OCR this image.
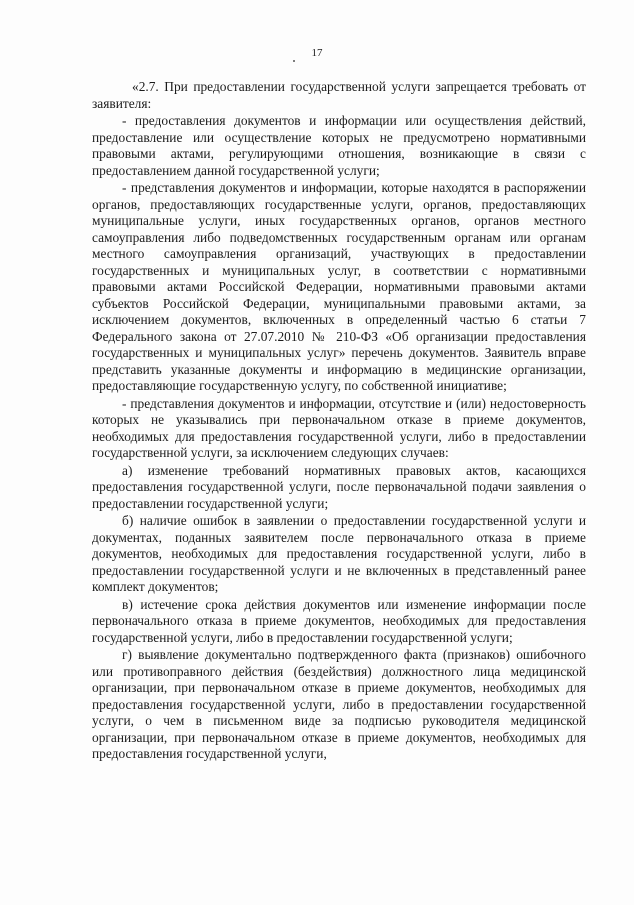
17

«2.7. При предоставлении государственной услуги запрещается требовать от заявителя:

- предоставления документов и информации или осуществления действий, предоставление или осуществление которых не предусмотрено нормативными правовыми актами, регулирующими отношения, возникающие в связи с предоставлением данной государственной услуги;

- представления документов и информации, которые находятся в распоряжении органов, предоставляющих государственные услуги, органов, предоставляющих муниципальные услуги, иных государственных органов, органов местного самоуправления либо подведомственных государственным органам или органам местного самоуправления организаций, участвующих в предоставлении государственных и муниципальных услуг, в соответствии с нормативными правовыми актами Российской Федерации, нормативными правовыми актами субъектов Российской Федерации, муниципальными правовыми актами, за исключением документов, включенных в определенный частью 6 статьи 7 Федерального закона от 27.07.2010 № 210-ФЗ «Об организации предоставления государственных и муниципальных услуг» перечень документов. Заявитель вправе представить указанные документы и информацию в медицинские организации, предоставляющие государственную услугу, по собственной инициативе;

- представления документов и информации, отсутствие и (или) недостоверность которых не указывались при первоначальном отказе в приеме документов, необходимых для предоставления государственной услуги, либо в предоставлении государственной услуги, за исключением следующих случаев:

а) изменение требований нормативных правовых актов, касающихся предоставления государственной услуги, после первоначальной подачи заявления о предоставлении государственной услуги;

б) наличие ошибок в заявлении о предоставлении государственной услуги и документах, поданных заявителем после первоначального отказа в приеме документов, необходимых для предоставления государственной услуги, либо в предоставлении государственной услуги и не включенных в представленный ранее комплект документов;

в) истечение срока действия документов или изменение информации после первоначального отказа в приеме документов, необходимых для предоставления государственной услуги, либо в предоставлении государственной услуги;

г) выявление документально подтвержденного факта (признаков) ошибочного или противоправного действия (бездействия) должностного лица медицинской организации, при первоначальном отказе в приеме документов, необходимых для предоставления государственной услуги, либо в предоставлении государственной услуги, о чем в письменном виде за подписью руководителя медицинской организации, при первоначальном отказе в приеме документов, необходимых для предоставления государственной услуги,
